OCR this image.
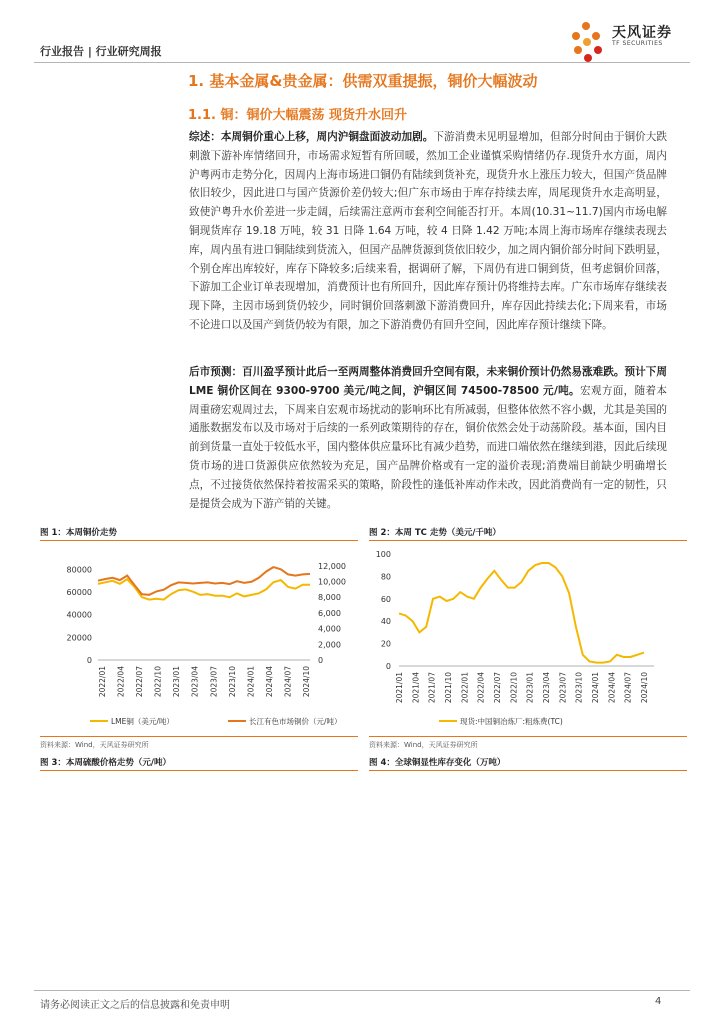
行业报告 | 行业研究周报
天风证券
TF SECURITIES
1. 基本金属&贵金属：供需双重提振，铜价大幅波动
1.1. 铜：铜价大幅震荡 现货升水回升
综述：本周铜价重心上移，周内沪铜盘面波动加剧。下游消费未见明显增加，但部分时间由于铜价大跌刺激下游补库情绪回升，市场需求短暂有所回暖，然加工企业谨慎采购情绪仍存.现货升水方面，周内沪粤两市走势分化，因周内上海市场进口铜仍有陆续到货补充，现货升水上涨压力较大，但国产货品牌依旧较少，因此进口与国产货源价差仍较大;但广东市场由于库存持续去库，周尾现货升水走高明显，致使沪粤升水价差进一步走阔，后续需注意两市套利空间能否打开。本周(10.31~11.7)国内市场电解铜现货库存 19.18 万吨，较 31 日降 1.64 万吨，较 4 日降 1.42 万吨;本周上海市场库存继续表现去库，周内虽有进口铜陆续到货流入，但国产品牌货源到货依旧较少，加之周内铜价部分时间下跌明显，个别仓库出库较好，库存下降较多;后续来看，据调研了解，下周仍有进口铜到货，但考虑铜价回落，下游加工企业订单表现增加，消费预计也有所回升，因此库存预计仍将维持去库。广东市场库存继续表现下降，主因市场到货仍较少，同时铜价回落刺激下游消费回升，库存因此持续去化;下周来看，市场不论进口以及国产到货仍较为有限，加之下游消费仍有回升空间，因此库存预计继续下降。
后市预测：百川盈孚预计此后一至两周整体消费回升空间有限，未来铜价预计仍然易涨难跌。预计下周 LME 铜价区间在 9300-9700 美元/吨之间，沪铜区间 74500-78500 元/吨。宏观方面，随着本周重磅宏观周过去，下周来自宏观市场扰动的影响环比有所减弱，但整体依然不容小觑，尤其是美国的通胀数据发布以及市场对于后续的一系列政策期待的存在，铜价依然会处于动荡阶段。基本面，国内目前到货量一直处于较低水平，国内整体供应量环比有减少趋势，而进口端依然在继续到港，因此后续现货市场的进口货源供应依然较为充足，国产品牌价格或有一定的溢价表现;消费端目前缺少明确增长点，不过接货依然保持着按需采买的策略，阶段性的逢低补库动作未改，因此消费尚有一定的韧性，只是提货会成为下游产销的关键。
图 1：本周铜价走势
0
20000
40000
60000
80000
0
2,000
4,000
6,000
8,000
10,000
12,000
2022/01 2022/04 2022/07 2022/10 2023/01 2023/04 2023/07 2023/10 2024/01 2024/04 2024/07 2024/10
LME铜（美元/吨）	长江有色市场铜价（元/吨）
资料来源：Wind，天风证券研究所
图 3：本周硫酸价格走势（元/吨）
图 2：本周 TC 走势（美元/千吨）
0
20
40
60
80
100
2021/01 2021/04 2021/07 2021/10 2022/01 2022/04 2022/07 2022/10 2023/01 2023/04 2023/07 2023/10 2024/01 2024/04 2024/07 2024/10
现货:中国铜冶炼厂:粗炼费(TC)
资料来源：Wind，天风证券研究所
图 4：全球铜显性库存变化（万吨）
请务必阅读正文之后的信息披露和免责申明	4
